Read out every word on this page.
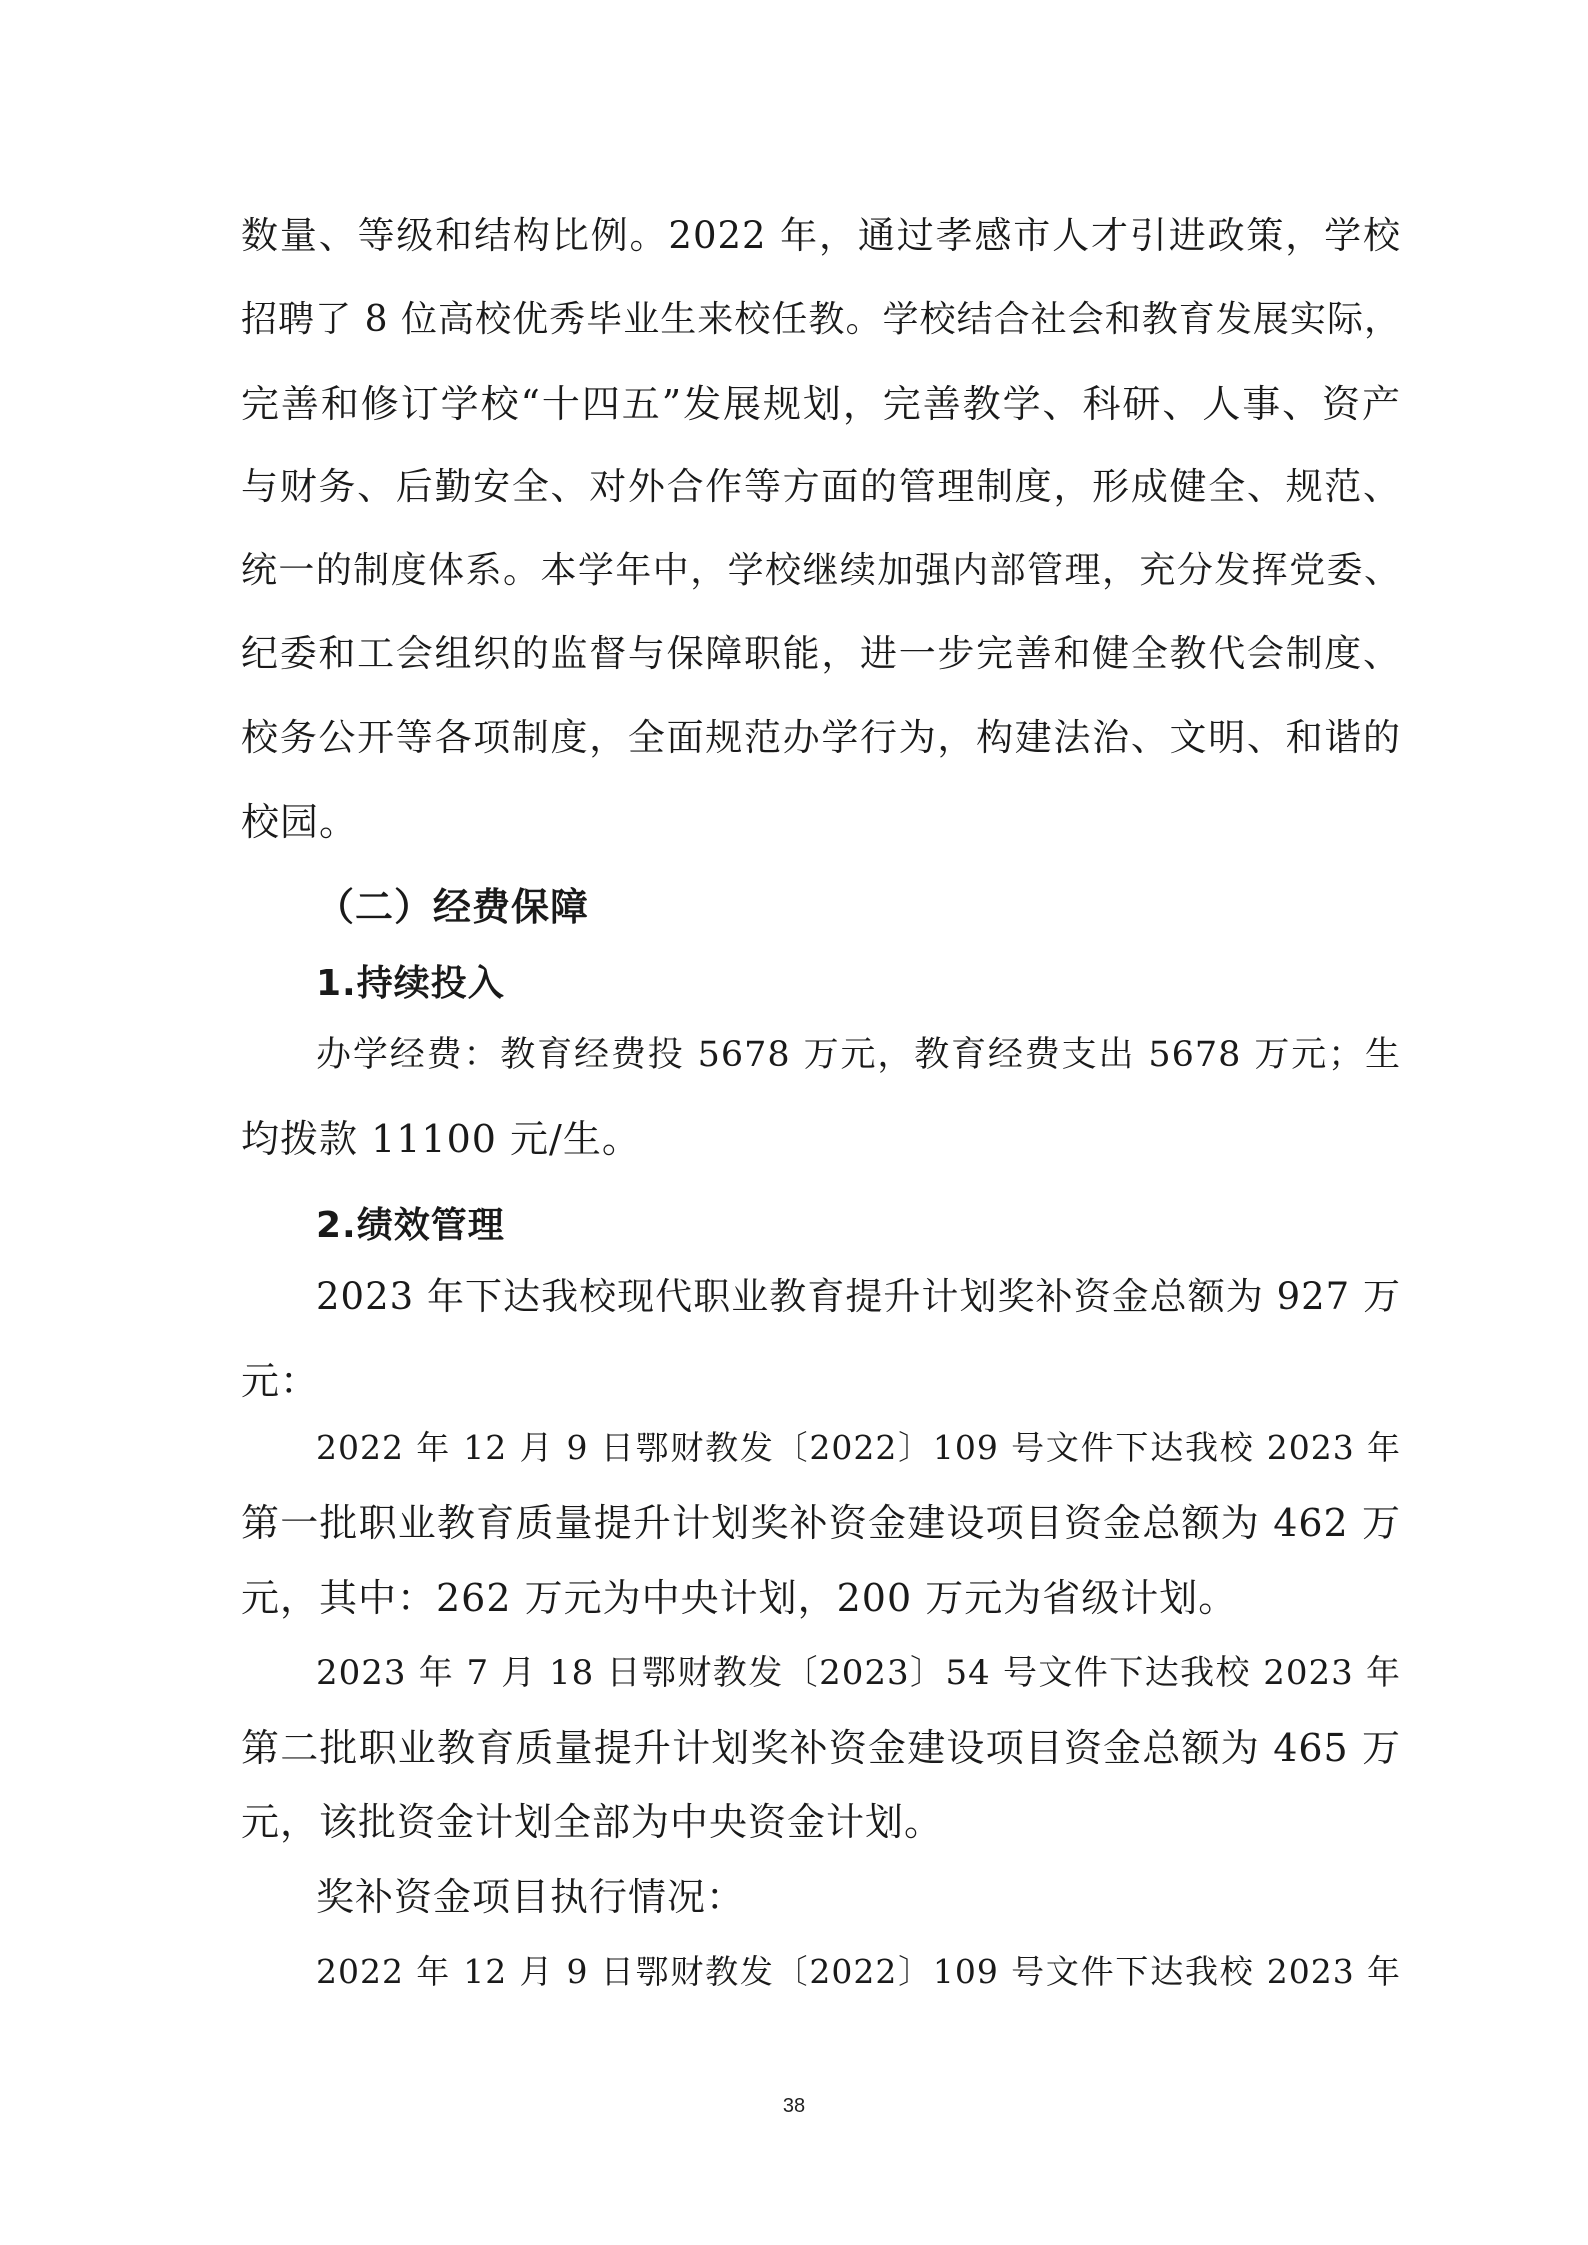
数量、等级和结构比例。2022 年，通过孝感市人才引进政策，学校
招聘了 8 位高校优秀毕业生来校任教。学校结合社会和教育发展实际，
完善和修订学校“十四五”发展规划，完善教学、科研、人事、资产
与财务、后勤安全、对外合作等方面的管理制度，形成健全、规范、
统一的制度体系。本学年中，学校继续加强内部管理，充分发挥党委、
纪委和工会组织的监督与保障职能，进一步完善和健全教代会制度、
校务公开等各项制度，全面规范办学行为，构建法治、文明、和谐的
校园。
（二）经费保障
1.持续投入
办学经费：教育经费投 5678 万元，教育经费支出 5678 万元；生
均拨款 11100 元/生。
2.绩效管理
2023 年下达我校现代职业教育提升计划奖补资金总额为 927 万
元：
2022 年 12 月 9 日鄂财教发〔2022〕109 号文件下达我校 2023 年
第一批职业教育质量提升计划奖补资金建设项目资金总额为 462 万
元，其中：262 万元为中央计划，200 万元为省级计划。
2023 年 7 月 18 日鄂财教发〔2023〕54 号文件下达我校 2023 年
第二批职业教育质量提升计划奖补资金建设项目资金总额为 465 万
元，该批资金计划全部为中央资金计划。
奖补资金项目执行情况：
2022 年 12 月 9 日鄂财教发〔2022〕109 号文件下达我校 2023 年
38
